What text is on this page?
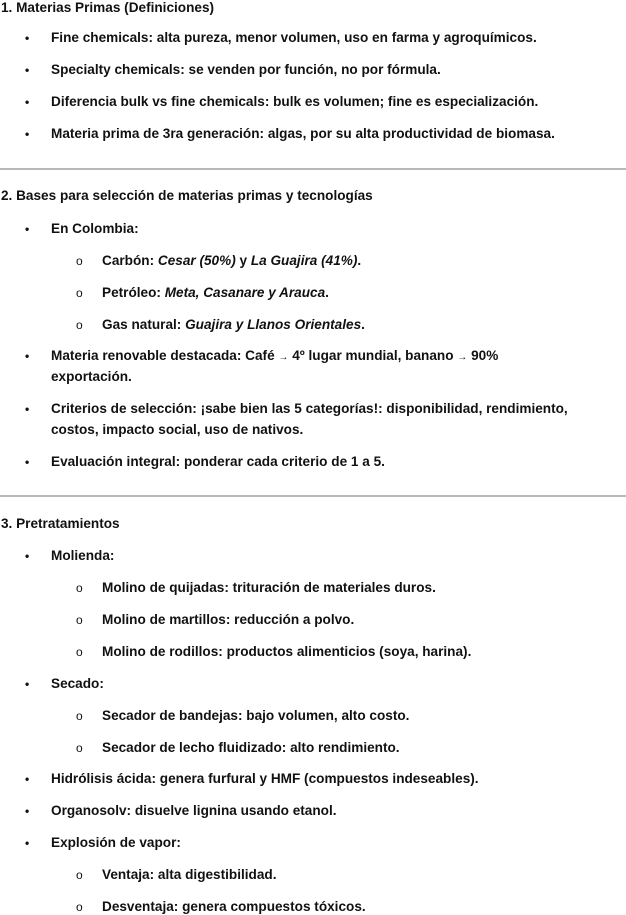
1. Materias Primas (Definiciones)
• Fine chemicals: alta pureza, menor volumen, uso en farma y agroquímicos.
• Specialty chemicals: se venden por función, no por fórmula.
• Diferencia bulk vs fine chemicals: bulk es volumen; fine es especialización.
• Materia prima de 3ra generación: algas, por su alta productividad de biomasa.
2. Bases para selección de materias primas y tecnologías
• En Colombia:
o Carbón: Cesar (50%) y La Guajira (41%).
o Petróleo: Meta, Casanare y Arauca.
o Gas natural: Guajira y Llanos Orientales.
• Materia renovable destacada: Café → 4º lugar mundial, banano → 90%
exportación.
• Criterios de selección: ¡sabe bien las 5 categorías!: disponibilidad, rendimiento,
costos, impacto social, uso de nativos.
• Evaluación integral: ponderar cada criterio de 1 a 5.
3. Pretratamientos
• Molienda:
o Molino de quijadas: trituración de materiales duros.
o Molino de martillos: reducción a polvo.
o Molino de rodillos: productos alimenticios (soya, harina).
• Secado:
o Secador de bandejas: bajo volumen, alto costo.
o Secador de lecho fluidizado: alto rendimiento.
• Hidrólisis ácida: genera furfural y HMF (compuestos indeseables).
• Organosolv: disuelve lignina usando etanol.
• Explosión de vapor:
o Ventaja: alta digestibilidad.
o Desventaja: genera compuestos tóxicos.
